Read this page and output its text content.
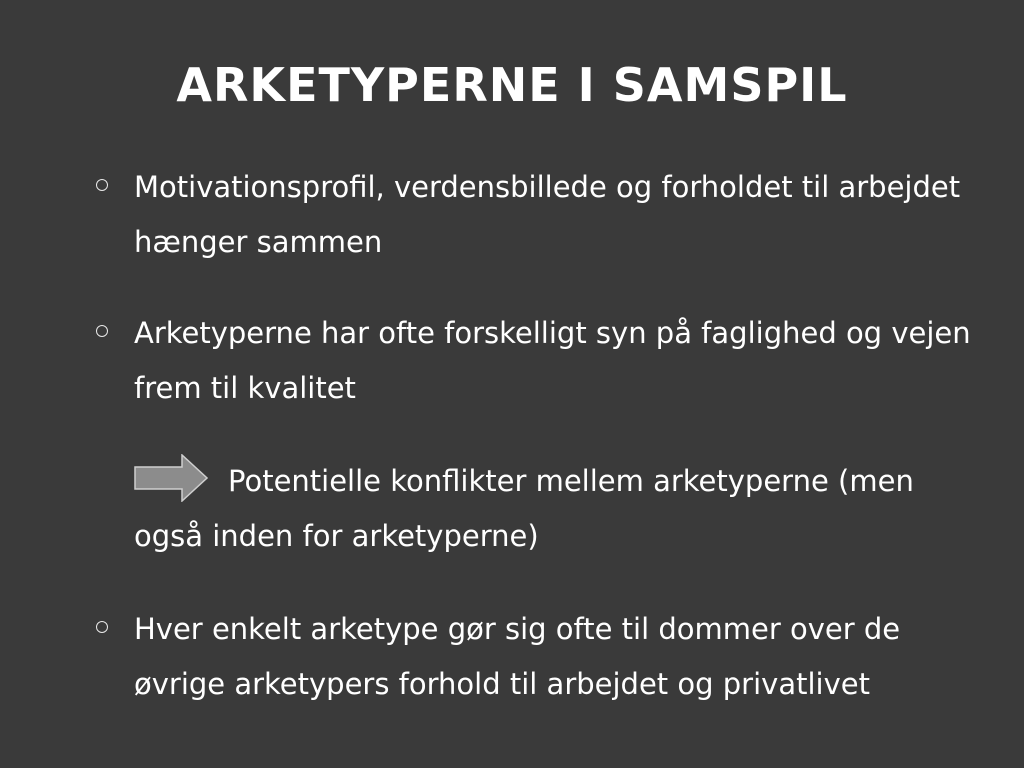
ARKETYPERNE I SAMSPIL
Motivationsprofil, verdensbillede og forholdet til arbejdet hænger sammen
Arketyperne har ofte forskelligt syn på faglighed og vejen frem til kvalitet
Potentielle konflikter mellem arketyperne (men også inden for arketyperne)
Hver enkelt arketype gør sig ofte til dommer over de øvrige arketypers forhold til arbejdet og privatlivet
